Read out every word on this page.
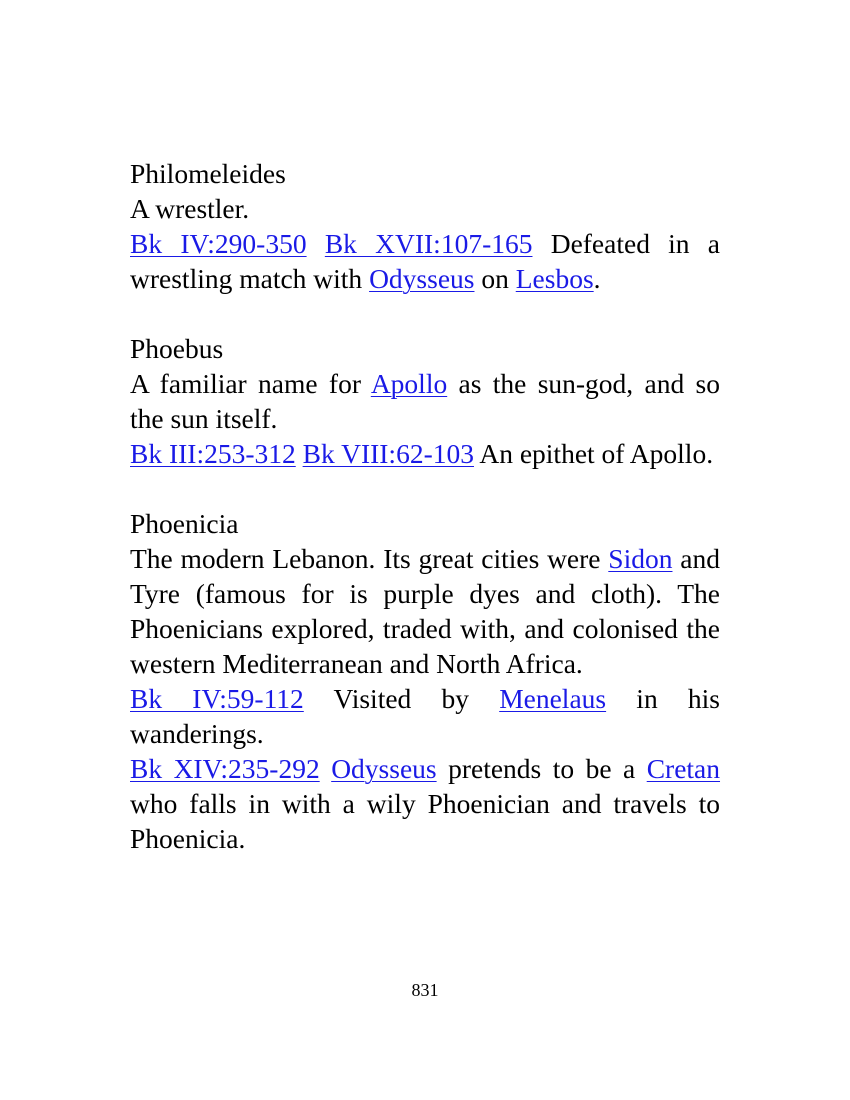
Philomeleides

A wrestler.

Bk IV:290-350 Bk XVII:107-165 Defeated in a wrestling match with Odysseus on Lesbos.

Phoebus

A familiar name for Apollo as the sun-god, and so the sun itself.

Bk III:253-312 Bk VIII:62-103 An epithet of Apollo.

Phoenicia

The modern Lebanon. Its great cities were Sidon and Tyre (famous for is purple dyes and cloth). The Phoenicians explored, traded with, and colonised the western Mediterranean and North Africa.

Bk IV:59-112 Visited by Menelaus in his wanderings.

Bk XIV:235-292 Odysseus pretends to be a Cretan who falls in with a wily Phoenician and travels to Phoenicia.

831
